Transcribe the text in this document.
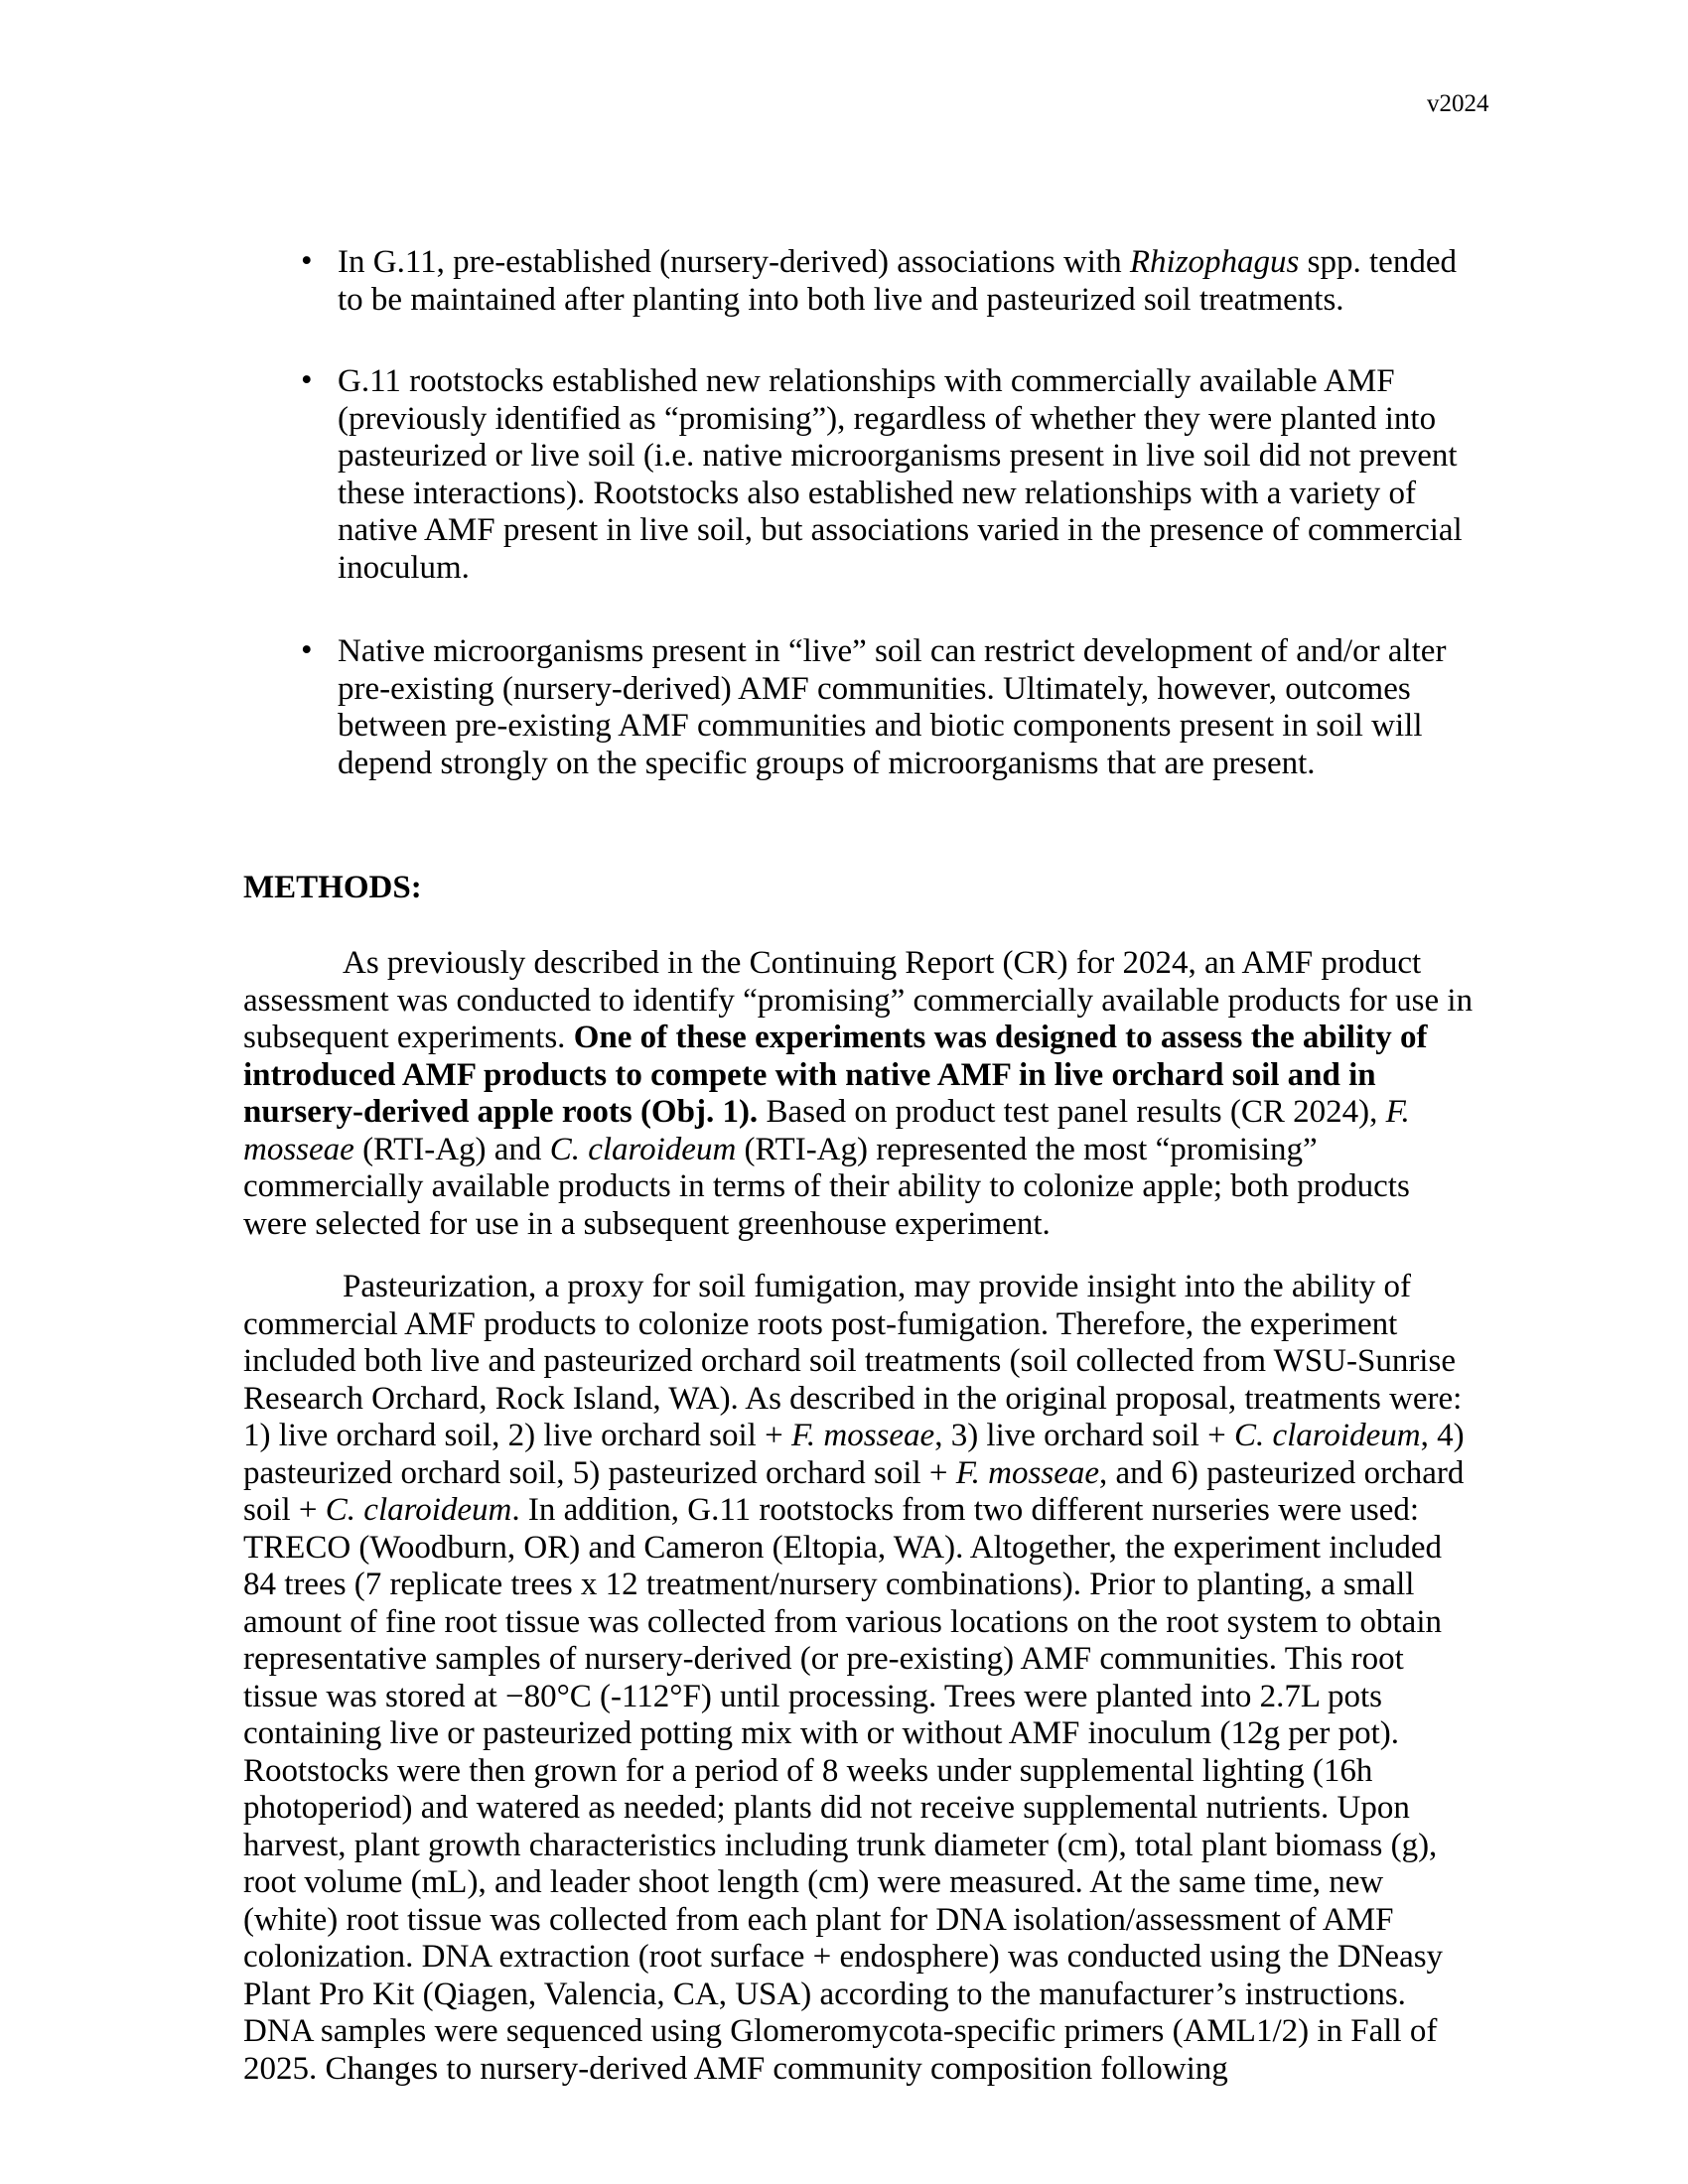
v2024
• In G.11, pre-established (nursery-derived) associations with Rhizophagus spp. tended to be maintained after planting into both live and pasteurized soil treatments.
• G.11 rootstocks established new relationships with commercially available AMF (previously identified as “promising”), regardless of whether they were planted into pasteurized or live soil (i.e. native microorganisms present in live soil did not prevent these interactions). Rootstocks also established new relationships with a variety of native AMF present in live soil, but associations varied in the presence of commercial inoculum.
• Native microorganisms present in “live” soil can restrict development of and/or alter pre-existing (nursery-derived) AMF communities. Ultimately, however, outcomes between pre-existing AMF communities and biotic components present in soil will depend strongly on the specific groups of microorganisms that are present.
METHODS:
As previously described in the Continuing Report (CR) for 2024, an AMF product assessment was conducted to identify “promising” commercially available products for use in subsequent experiments. One of these experiments was designed to assess the ability of introduced AMF products to compete with native AMF in live orchard soil and in nursery-derived apple roots (Obj. 1). Based on product test panel results (CR 2024), F. mosseae (RTI-Ag) and C. claroideum (RTI-Ag) represented the most “promising” commercially available products in terms of their ability to colonize apple; both products were selected for use in a subsequent greenhouse experiment.
Pasteurization, a proxy for soil fumigation, may provide insight into the ability of commercial AMF products to colonize roots post-fumigation. Therefore, the experiment included both live and pasteurized orchard soil treatments (soil collected from WSU-Sunrise Research Orchard, Rock Island, WA). As described in the original proposal, treatments were: 1) live orchard soil, 2) live orchard soil + F. mosseae, 3) live orchard soil + C. claroideum, 4) pasteurized orchard soil, 5) pasteurized orchard soil + F. mosseae, and 6) pasteurized orchard soil + C. claroideum. In addition, G.11 rootstocks from two different nurseries were used: TRECO (Woodburn, OR) and Cameron (Eltopia, WA). Altogether, the experiment included 84 trees (7 replicate trees x 12 treatment/nursery combinations). Prior to planting, a small amount of fine root tissue was collected from various locations on the root system to obtain representative samples of nursery-derived (or pre-existing) AMF communities. This root tissue was stored at −80°C (-112°F) until processing. Trees were planted into 2.7L pots containing live or pasteurized potting mix with or without AMF inoculum (12g per pot). Rootstocks were then grown for a period of 8 weeks under supplemental lighting (16h photoperiod) and watered as needed; plants did not receive supplemental nutrients. Upon harvest, plant growth characteristics including trunk diameter (cm), total plant biomass (g), root volume (mL), and leader shoot length (cm) were measured. At the same time, new (white) root tissue was collected from each plant for DNA isolation/assessment of AMF colonization. DNA extraction (root surface + endosphere) was conducted using the DNeasy Plant Pro Kit (Qiagen, Valencia, CA, USA) according to the manufacturer’s instructions. DNA samples were sequenced using Glomeromycota-specific primers (AML1/2) in Fall of 2025. Changes to nursery-derived AMF community composition following
